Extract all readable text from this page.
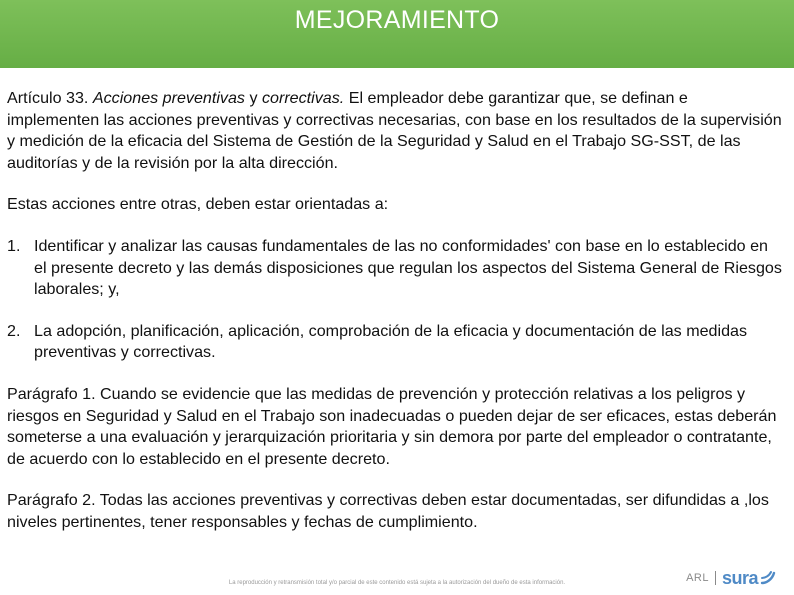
MEJORAMIENTO

Artículo 33. Acciones preventivas y correctivas. El empleador debe garantizar que, se definan e implementen las acciones preventivas y correctivas necesarias, con base en los resultados de la supervisión y medición de la eficacia del Sistema de Gestión de la Seguridad y Salud en el Trabajo SG-SST, de las auditorías y de la revisión por la alta dirección.

Estas acciones entre otras, deben estar orientadas a:

1. Identificar y analizar las causas fundamentales de las no conformidades' con base en lo establecido en el presente decreto y las demás disposiciones que regulan los aspectos del Sistema General de Riesgos laborales; y,
2. La adopción, planificación, aplicación, comprobación de la eficacia y documentación de las medidas preventivas y correctivas.

Parágrafo 1. Cuando se evidencie que las medidas de prevención y protección relativas a los peligros y riesgos en Seguridad y Salud en el Trabajo son inadecuadas o pueden dejar de ser eficaces, estas deberán someterse a una evaluación y jerarquización prioritaria y sin demora por parte del empleador o contratante, de acuerdo con lo establecido en el presente decreto.

Parágrafo 2. Todas las acciones preventivas y correctivas deben estar documentadas, ser difundidas a ,los niveles pertinentes, tener responsables y fechas de cumplimiento.

La reproducción y retransmisión total y/o parcial de este contenido está sujeta a la autorización del dueño de esta información.	ARL sura
